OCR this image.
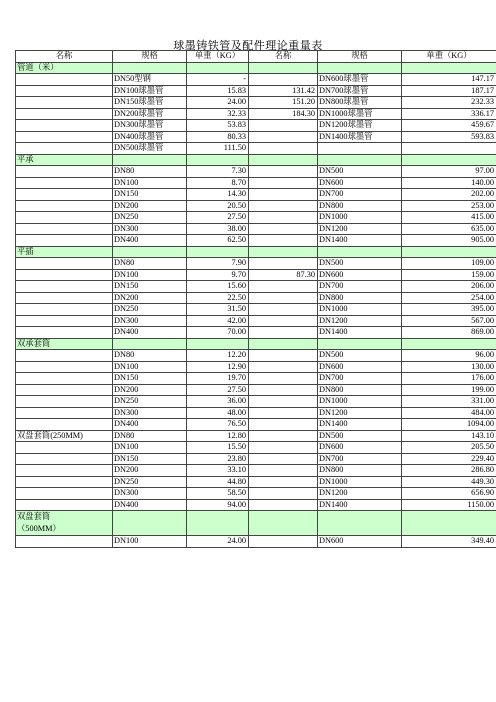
球墨铸铁管及配件理论重量表
名称	规格	单重（KG）	名称	规格	单重（KG）
管道（米）					
	DN50型钢	-		DN600球墨管	147.17
	DN100球墨管	15.83	131.42	DN700球墨管	187.17
	DN150球墨管	24.00	151.20	DN800球墨管	232.33
	DN200球墨管	32.33	184.30	DN1000球墨管	336.17
	DN300球墨管	53.83		DN1200球墨管	459.67
	DN400球墨管	80.33		DN1400球墨管	593.83
	DN500球墨管	111.50			
平承					
	DN80	7.30		DN500	97.00
	DN100	8.70		DN600	140.00
	DN150	14.30		DN700	202.00
	DN200	20.50		DN800	253.00
	DN250	27.50		DN1000	415.00
	DN300	38.00		DN1200	635.00
	DN400	62.50		DN1400	905.00
平插					
	DN80	7.90		DN500	109.00
	DN100	9.70	87.30	DN600	159.00
	DN150	15.60		DN700	206.00
	DN200	22.50		DN800	254.00
	DN250	31.50		DN1000	395.00
	DN300	42.00		DN1200	567.00
	DN400	70.00		DN1400	869.00
双承套筒					
	DN80	12.20		DN500	96.00
	DN100	12.90		DN600	130.00
	DN150	19.70		DN700	176.00
	DN200	27.50		DN800	199.00
	DN250	36.00		DN1000	331.00
	DN300	48.00		DN1200	484.00
	DN400	76.50		DN1400	1094.00
双盘套筒(250MM)	DN80	12.80		DN500	143.10
	DN100	15.50		DN600	205.50
	DN150	23.80		DN700	229.40
	DN200	33.10		DN800	286.80
	DN250	44.80		DN1000	449.30
	DN300	58.50		DN1200	656.90
	DN400	94.00		DN1400	1150.00

双盘套筒
（500MM）					

	DN100	24.00		DN600	349.40
